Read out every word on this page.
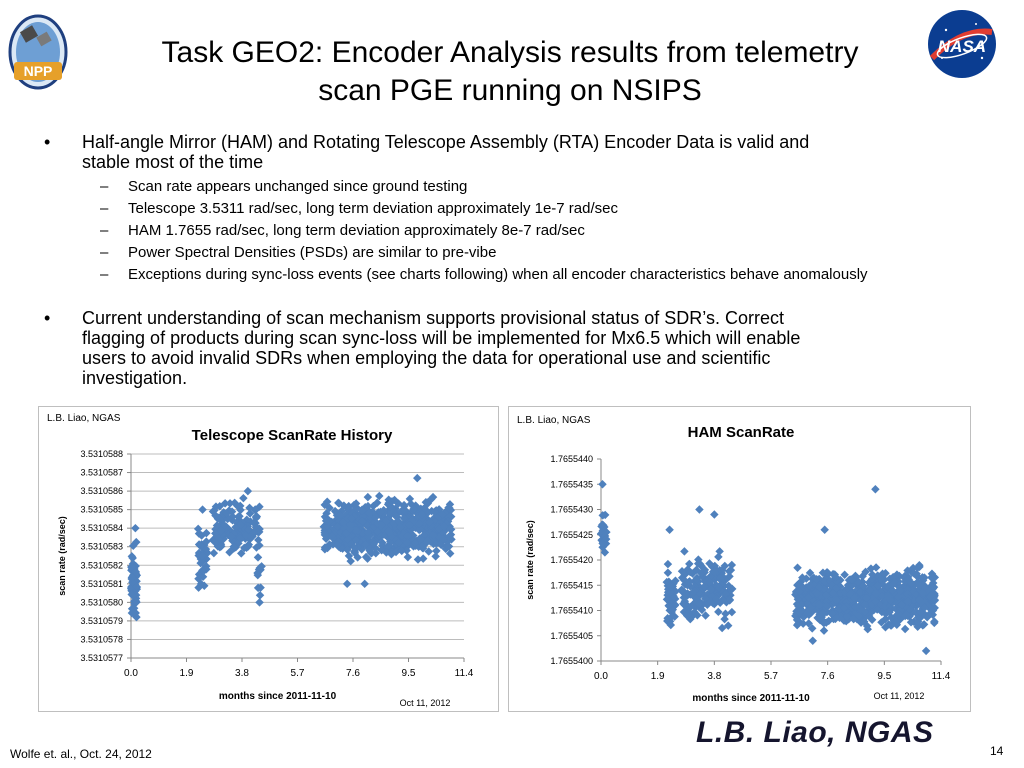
NPP
NASA
Task GEO2: Encoder Analysis results from telemetry
scan PGE running on NSIPS
• Half-angle Mirror (HAM) and Rotating Telescope Assembly (RTA) Encoder Data is valid and
stable most of the time
– Scan rate appears unchanged since ground testing
– Telescope 3.5311 rad/sec, long term deviation approximately 1e-7 rad/sec
– HAM 1.7655 rad/sec, long term deviation approximately 8e-7 rad/sec
– Power Spectral Densities (PSDs) are similar to pre-vibe
– Exceptions during sync-loss events (see charts following) when all encoder characteristics behave anomalously
• Current understanding of scan mechanism supports provisional status of SDR’s. Correct
flagging of products during scan sync-loss will be implemented for Mx6.5 which will enable
users to avoid invalid SDRs when employing the data for operational use and scientific
investigation.
L.B. Liao, NGAS
Telescope ScanRate History
3.5310577
3.5310578
3.5310579
3.5310580
3.5310581
3.5310582
3.5310583
3.5310584
3.5310585
3.5310586
3.5310587
3.5310588
0.0	1.9	3.8	5.7	7.6	9.5	11.4
months since 2011-11-10
scan rate (rad/sec)
Oct 11, 2012
L.B. Liao, NGAS
HAM ScanRate
1.7655400
1.7655405
1.7655410
1.7655415
1.7655420
1.7655425
1.7655430
1.7655435
1.7655440
0.0	1.9	3.8	5.7	7.6	9.5	11.4
months since 2011-11-10
scan rate (rad/sec)
Oct 11, 2012
L.B. Liao, NGAS
Wolfe et. al., Oct. 24, 2012	14
